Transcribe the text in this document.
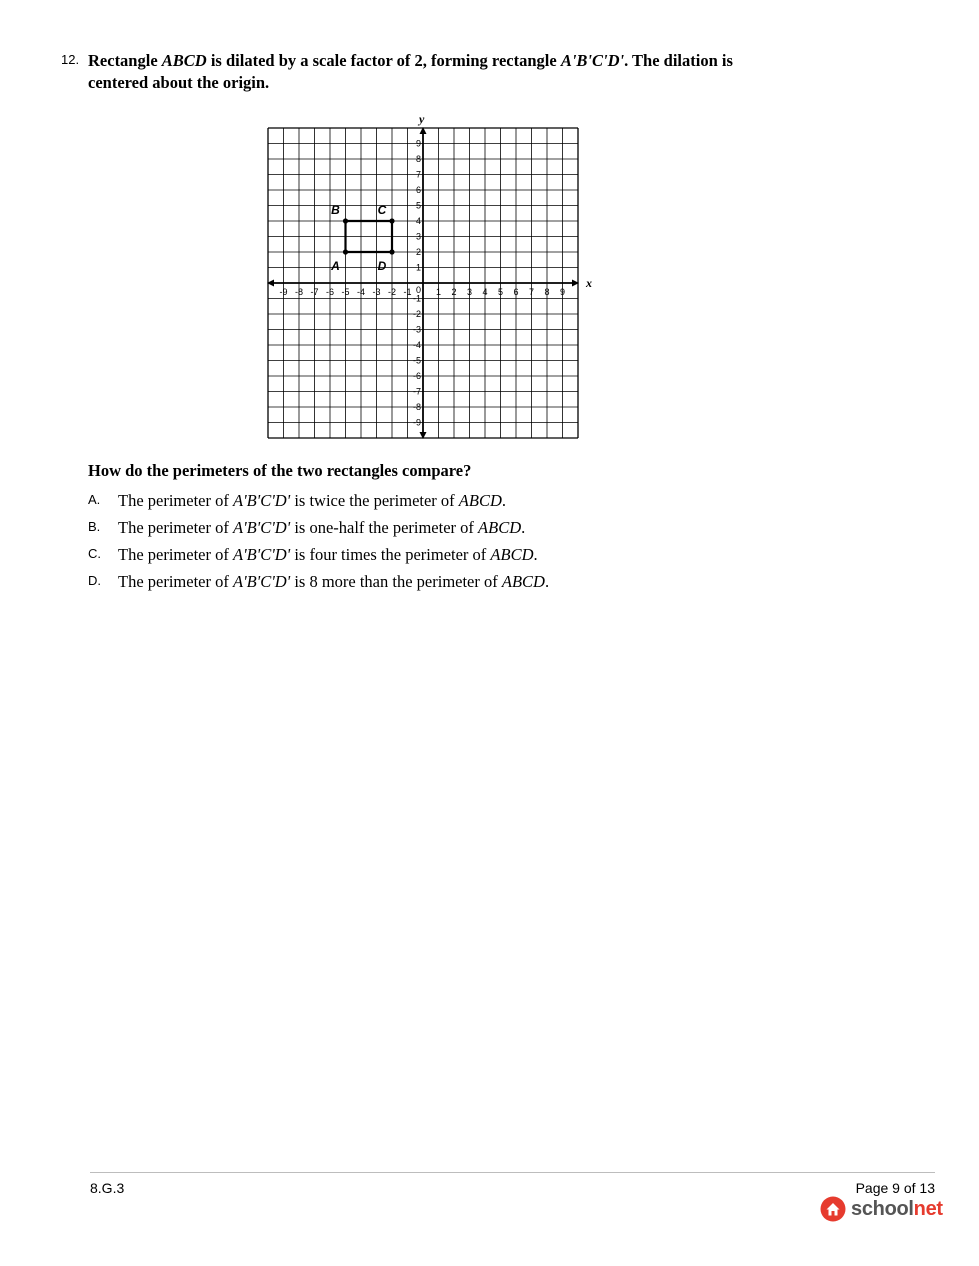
12. Rectangle ABCD is dilated by a scale factor of 2, forming rectangle A'B'C'D'. The dilation is centered about the origin.
x
y
-9
-9
-8
-8
-7
-7
-6
-6
-5
-5
-4
-4
-3
-3
-2
-2
-1
-1
1
1
2
2
3
3
4
4
5
5
6
6
7
7
8
8
9
9
0
A
B	C
D
How do the perimeters of the two rectangles compare?
A. The perimeter of A'B'C'D' is twice the perimeter of ABCD.
B. The perimeter of A'B'C'D' is one-half the perimeter of ABCD.
C. The perimeter of A'B'C'D' is four times the perimeter of ABCD.
D. The perimeter of A'B'C'D' is 8 more than the perimeter of ABCD.
8.G.3	Page 9 of 13
schoolnet
